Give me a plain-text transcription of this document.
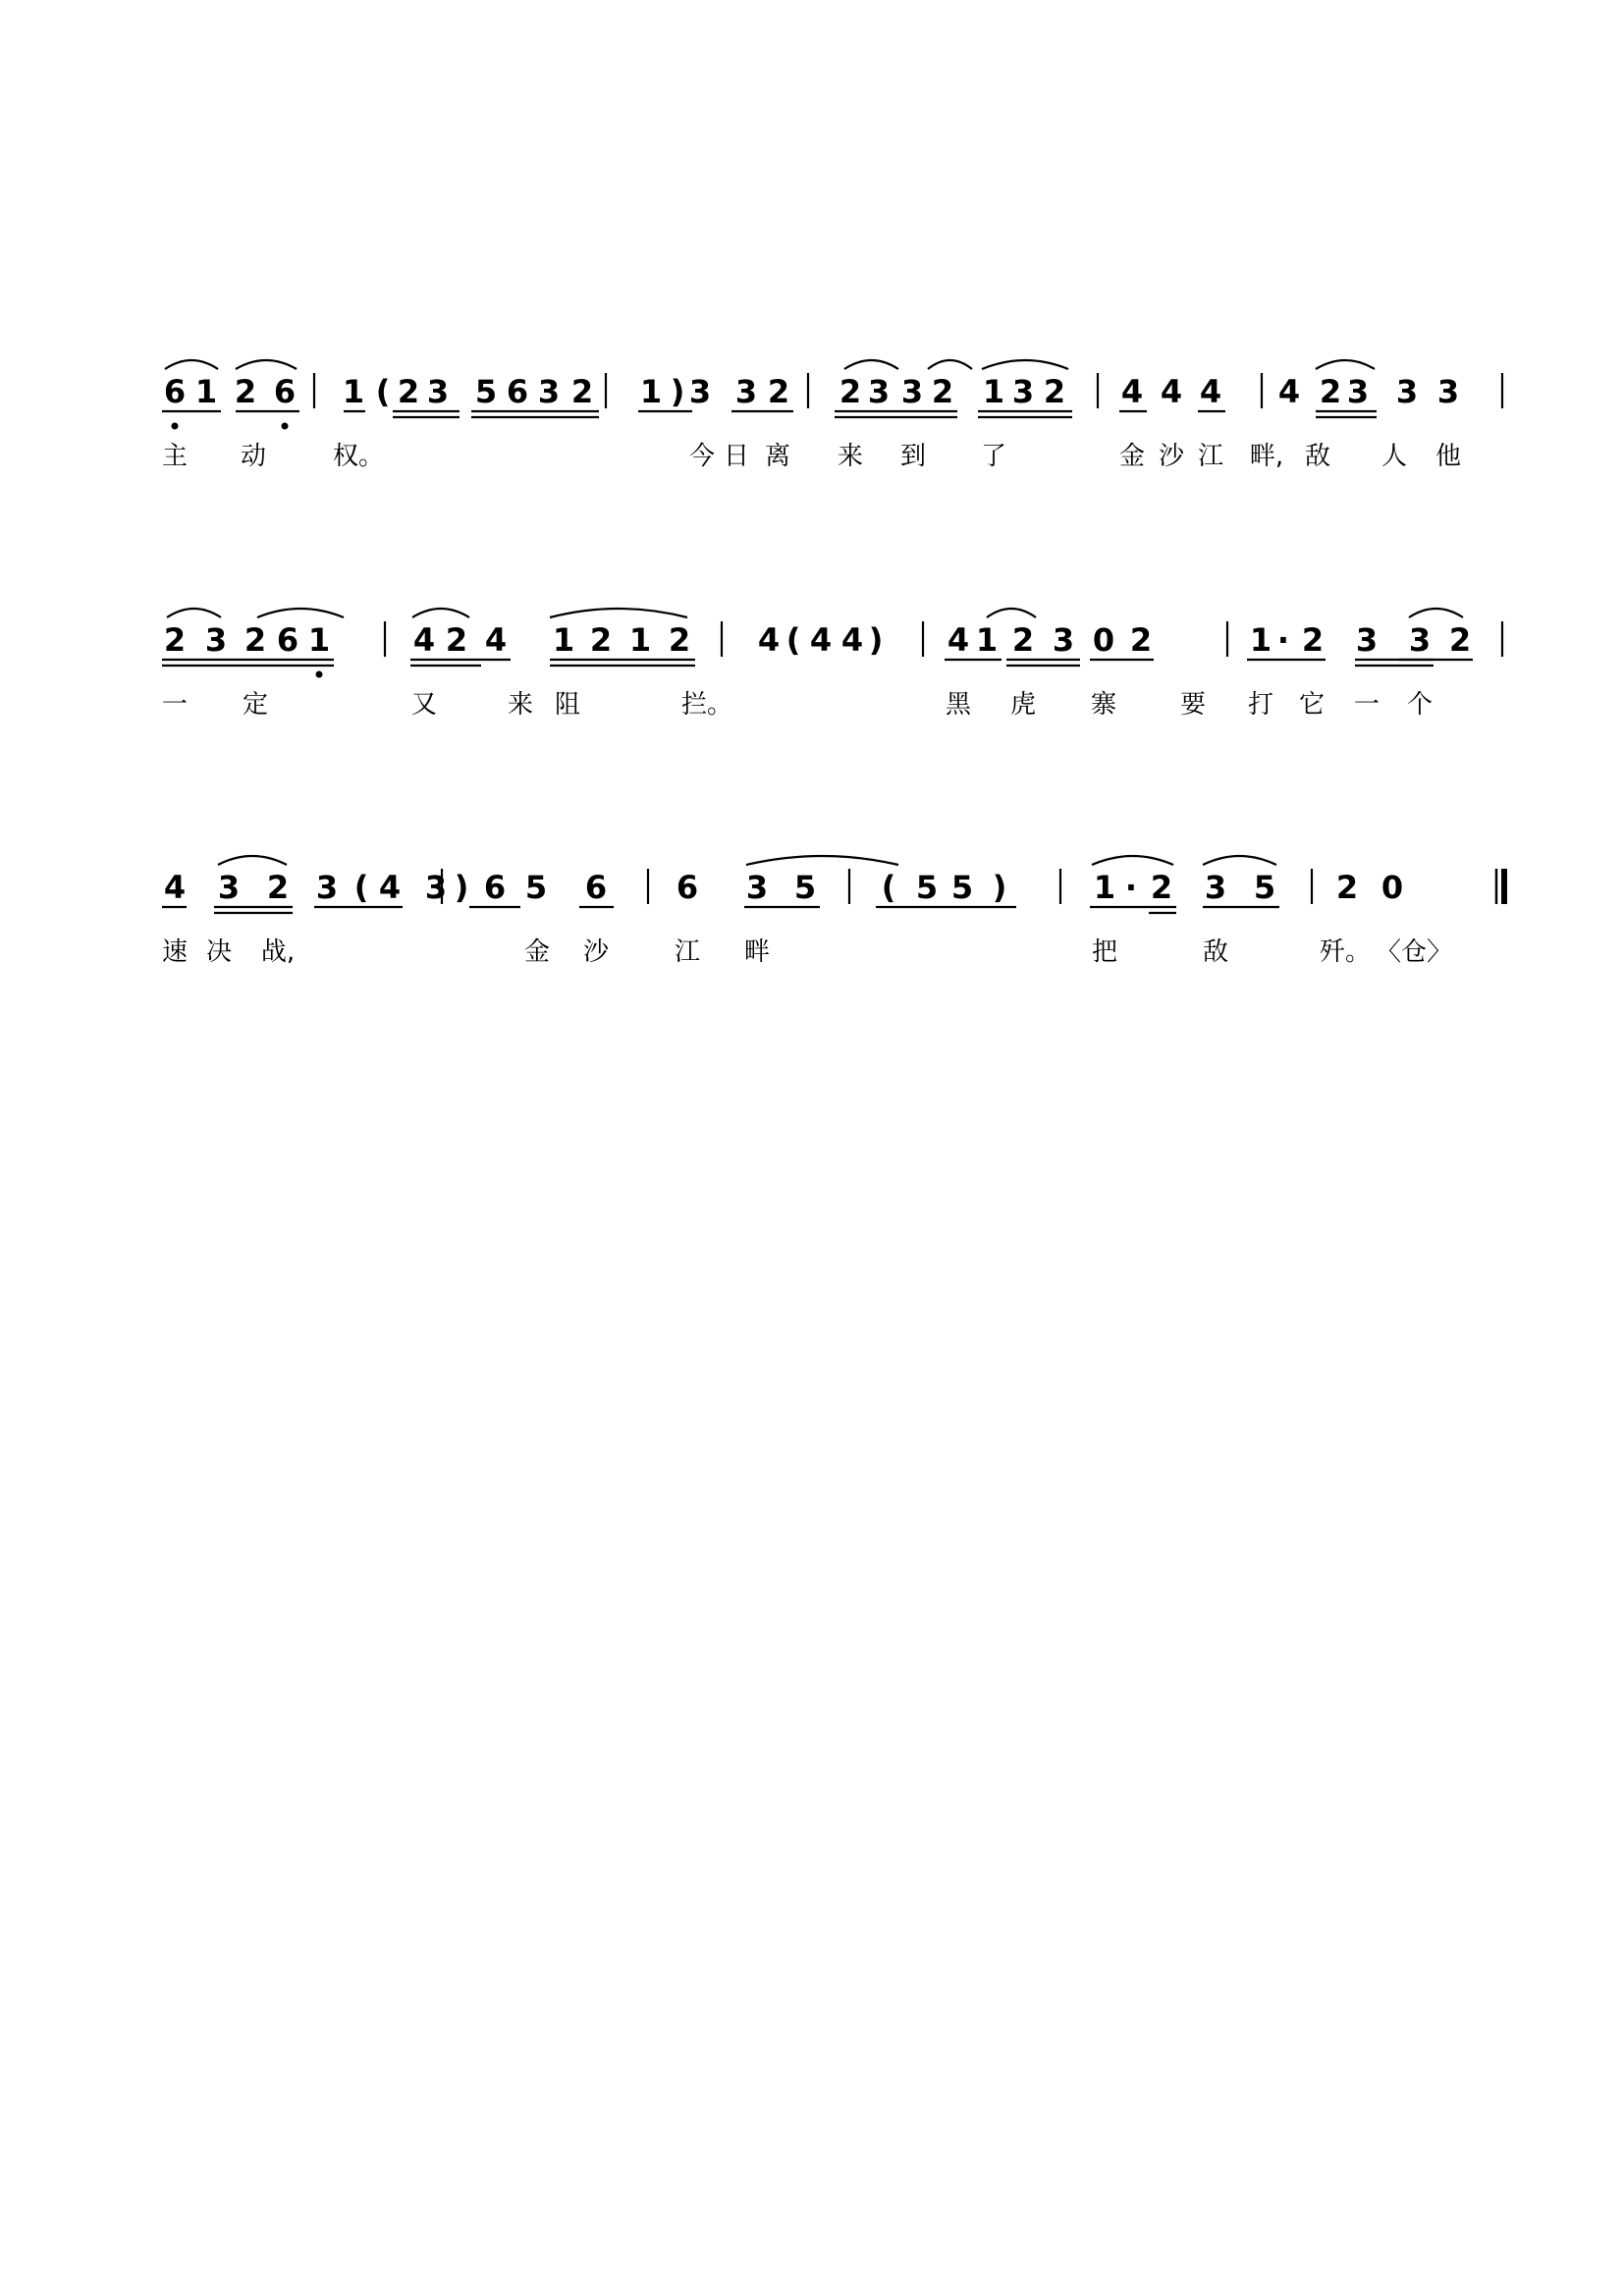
6 1 2 6 1 ( 2 3 5 6 3 2 1 ) 3 3 2 2 3 3 2 1 3 2 4 4 4 4 2 3 3 3
主 动	权。	今 日 离 来 到 了	金 沙 江 畔, 敌 人 他
2 3 2 6 1	4 2 4 1 2 1 2 4 ( 4 4 ) 4 1 2 3 0 2	1 · 2 3 3 2
一 定	又	来 阻	拦。	黑 虎 寨 要 打 它 一 个
4 3 2 3 ( 4 3 ) 6 5 6 6 3 5 ( 5 5 )	1 · 2 3 5 2 0
速 决 战,	金 沙	江 畔	把	敌	歼。 〈仓〉
